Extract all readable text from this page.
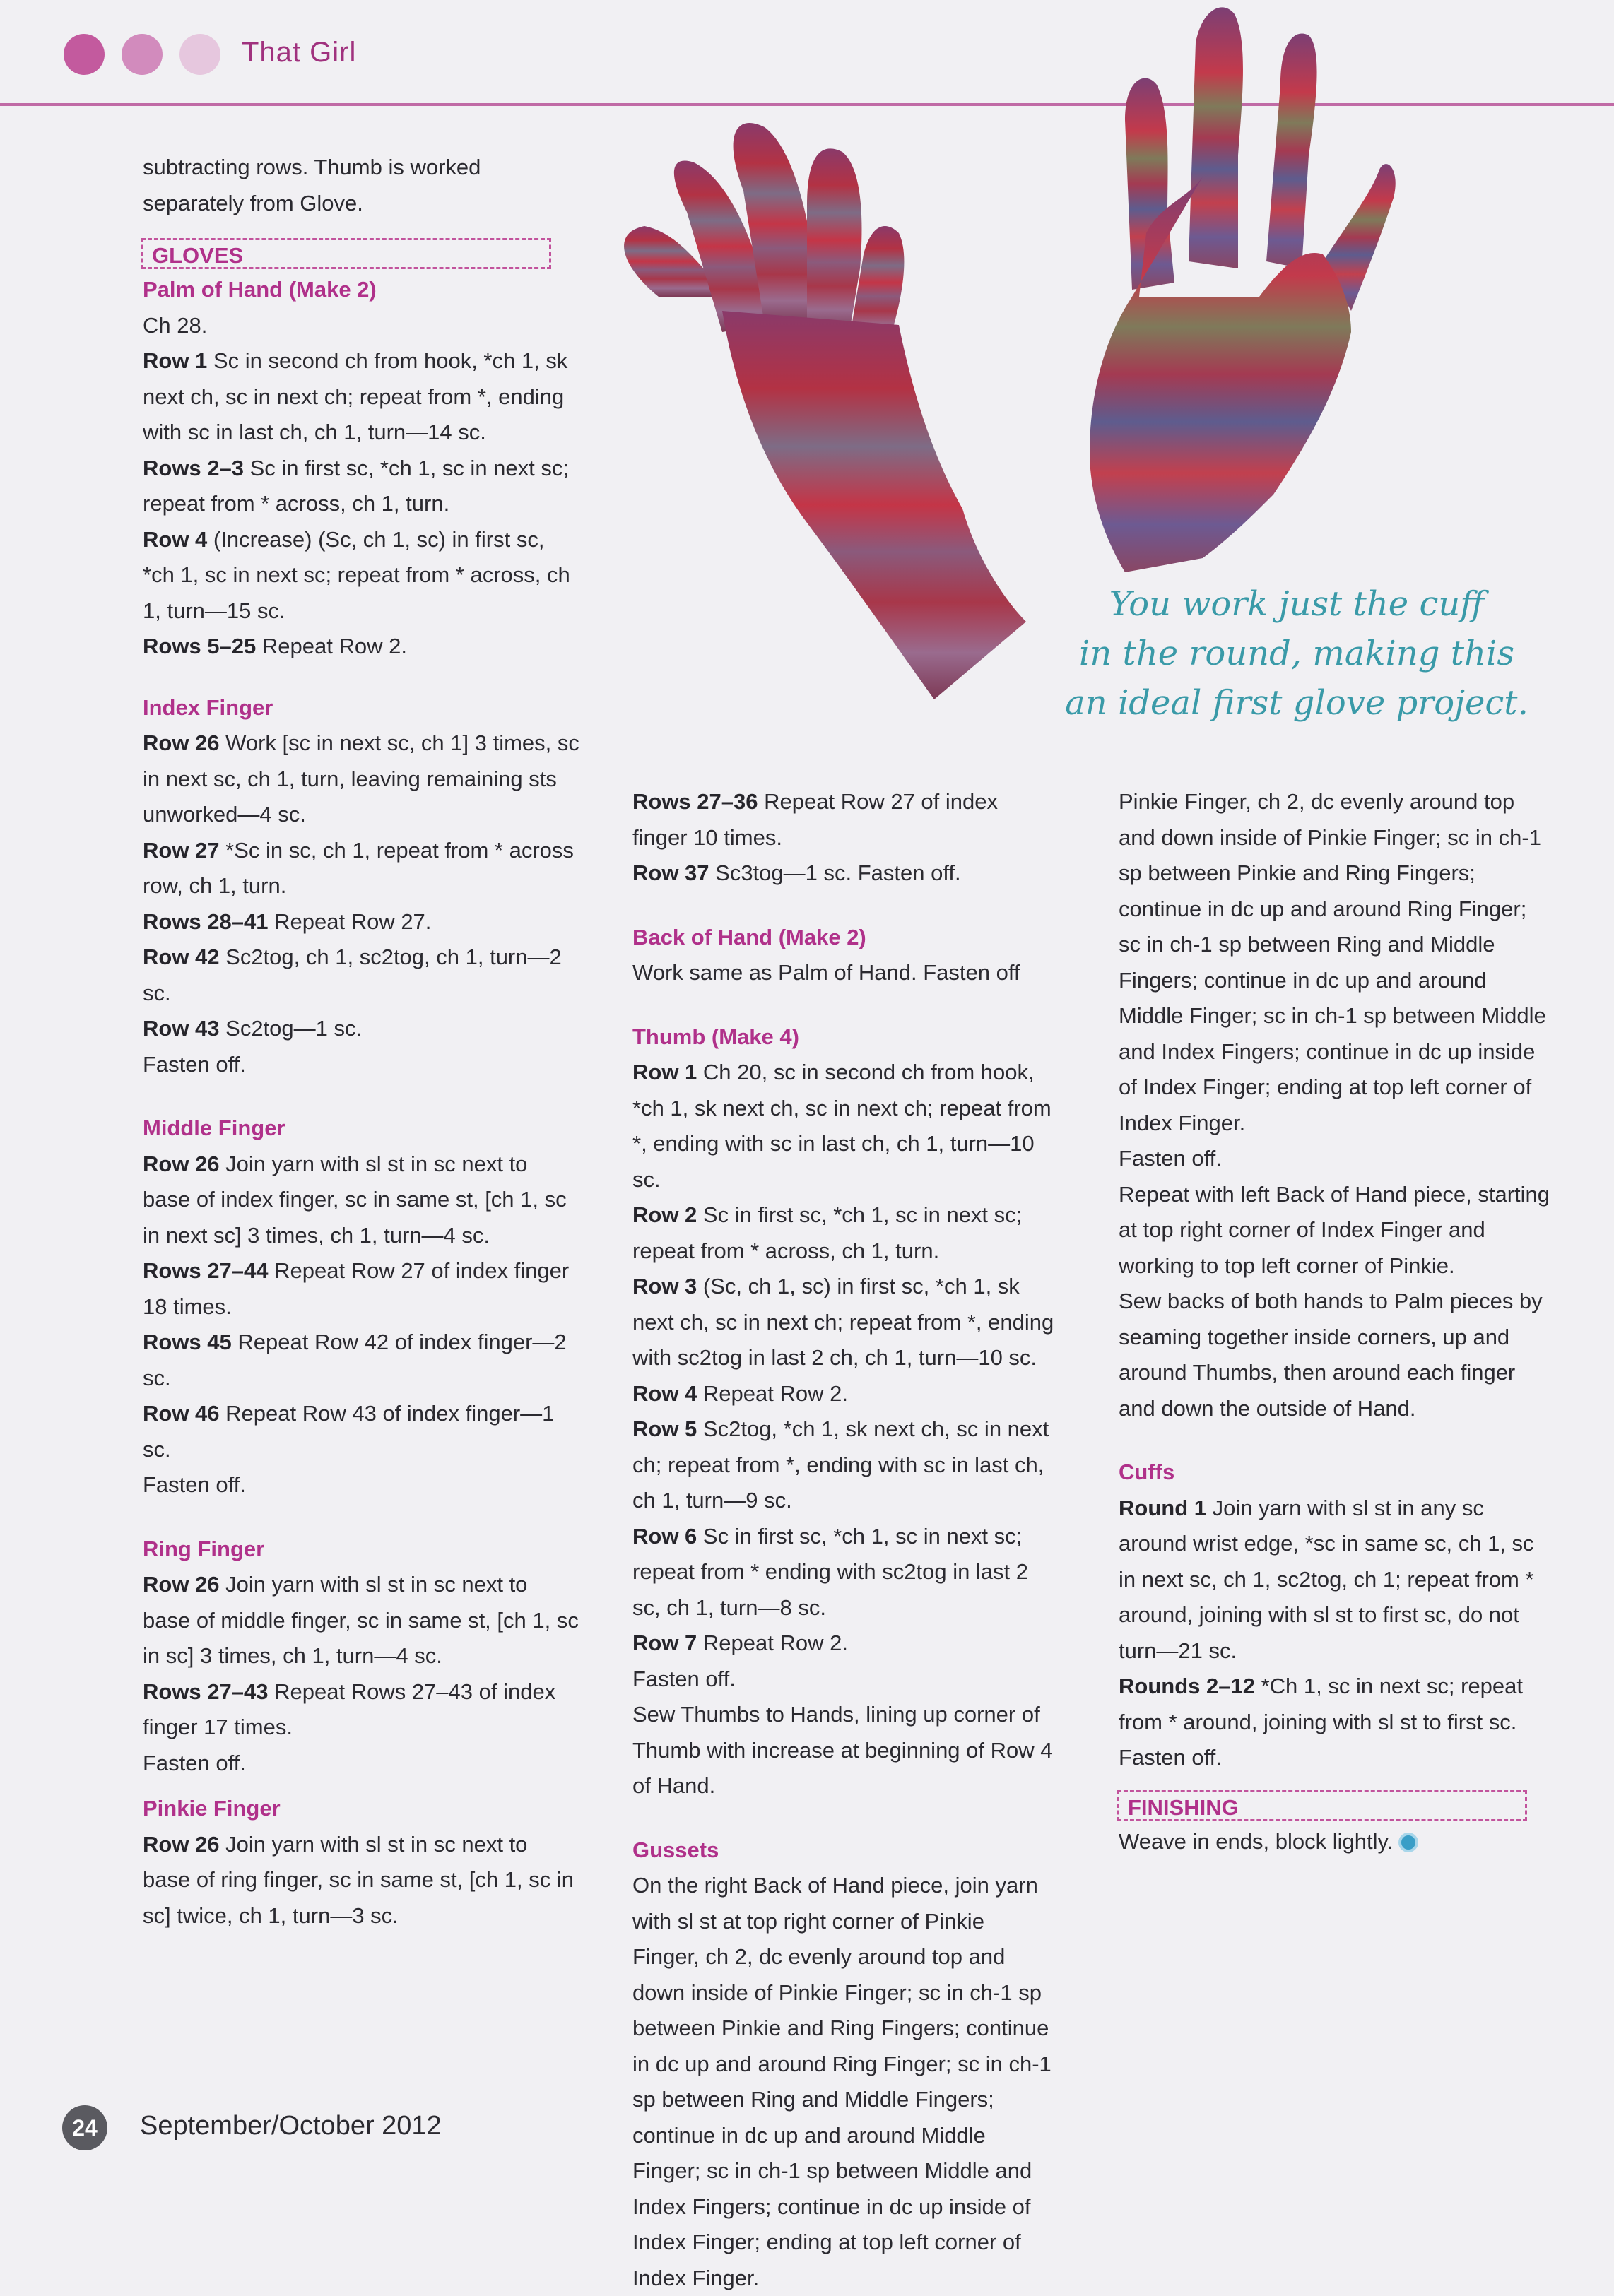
That Girl
You work just the cuff
in the round, making this
an ideal first glove project.

subtracting rows. Thumb is worked separately from Glove.

GLOVES

Palm of Hand (Make 2)

Ch 28.

Row 1 Sc in second ch from hook, *ch 1, sk next ch, sc in next ch; repeat from *, ending with sc in last ch, ch 1, turn—14 sc.

Rows 2–3 Sc in first sc, *ch 1, sc in next sc; repeat from * across, ch 1, turn.

Row 4 (Increase) (Sc, ch 1, sc) in first sc, *ch 1, sc in next sc; repeat from * across, ch 1, turn—15 sc.

Rows 5–25 Repeat Row 2.

Index Finger

Row 26 Work [sc in next sc, ch 1] 3 times, sc in next sc, ch 1, turn, leaving remaining sts unworked—4 sc.

Row 27 *Sc in sc, ch 1, repeat from * across row, ch 1, turn.

Rows 28–41 Repeat Row 27.

Row 42 Sc2tog, ch 1, sc2tog, ch 1, turn—2 sc.

Row 43 Sc2tog—1 sc.

Fasten off.

Middle Finger

Row 26 Join yarn with sl st in sc next to base of index finger, sc in same st, [ch 1, sc in next sc] 3 times, ch 1, turn—4 sc.

Rows 27–44 Repeat Row 27 of index finger 18 times.

Rows 45 Repeat Row 42 of index finger—2 sc.

Row 46 Repeat Row 43 of index finger—1 sc.

Fasten off.

Ring Finger

Row 26 Join yarn with sl st in sc next to base of middle finger, sc in same st, [ch 1, sc in sc] 3 times, ch 1, turn—4 sc.

Rows 27–43 Repeat Rows 27–43 of index finger 17 times.

Fasten off.

Pinkie Finger

Row 26 Join yarn with sl st in sc next to base of ring finger, sc in same st, [ch 1, sc in sc] twice, ch 1, turn—3 sc.

Rows 27–36 Repeat Row 27 of index finger 10 times.

Row 37 Sc3tog—1 sc. Fasten off.

Back of Hand (Make 2)

Work same as Palm of Hand. Fasten off

Thumb (Make 4)

Row 1 Ch 20, sc in second ch from hook, *ch 1, sk next ch, sc in next ch; repeat from *, ending with sc in last ch, ch 1, turn—10 sc.

Row 2 Sc in first sc, *ch 1, sc in next sc; repeat from * across, ch 1, turn.

Row 3 (Sc, ch 1, sc) in first sc, *ch 1, sk next ch, sc in next ch; repeat from *, ending with sc2tog in last 2 ch, ch 1, turn—10 sc.

Row 4 Repeat Row 2.

Row 5 Sc2tog, *ch 1, sk next ch, sc in next ch; repeat from *, ending with sc in last ch, ch 1, turn—9 sc.

Row 6 Sc in first sc, *ch 1, sc in next sc; repeat from * ending with sc2tog in last 2 sc, ch 1, turn—8 sc.

Row 7 Repeat Row 2.

Fasten off.

Sew Thumbs to Hands, lining up corner of Thumb with increase at beginning of Row 4 of Hand.

Gussets

On the right Back of Hand piece, join yarn with sl st at top right corner of Pinkie Finger, ch 2, dc evenly around top and down inside of Pinkie Finger; sc in ch-1 sp between Pinkie and Ring Fingers; continue in dc up and around Ring Finger; sc in ch-1 sp between Ring and Middle Fingers; continue in dc up and around Middle Finger; sc in ch-1 sp between Middle and Index Fingers; continue in dc up inside of Index Finger; ending at top left corner of Index Finger.

Pinkie Finger, ch 2, dc evenly around top and down inside of Pinkie Finger; sc in ch-1 sp between Pinkie and Ring Fingers; continue in dc up and around Ring Finger; sc in ch-1 sp between Ring and Middle Fingers; continue in dc up and around Middle Finger; sc in ch-1 sp between Middle and Index Fingers; continue in dc up inside of Index Finger; ending at top left corner of Index Finger.

Fasten off.

Repeat with left Back of Hand piece, starting at top right corner of Index Finger and working to top left corner of Pinkie.

Sew backs of both hands to Palm pieces by seaming together inside corners, up and around Thumbs, then around each finger and down the outside of Hand.

Cuffs

Round 1 Join yarn with sl st in any sc around wrist edge, *sc in same sc, ch 1, sc in next sc, ch 1, sc2tog, ch 1; repeat from * around, joining with sl st to first sc, do not turn—21 sc.

Rounds 2–12 *Ch 1, sc in next sc; repeat from * around, joining with sl st to first sc.

Fasten off.

FINISHING

Weave in ends, block lightly.

24	September/October 2012
